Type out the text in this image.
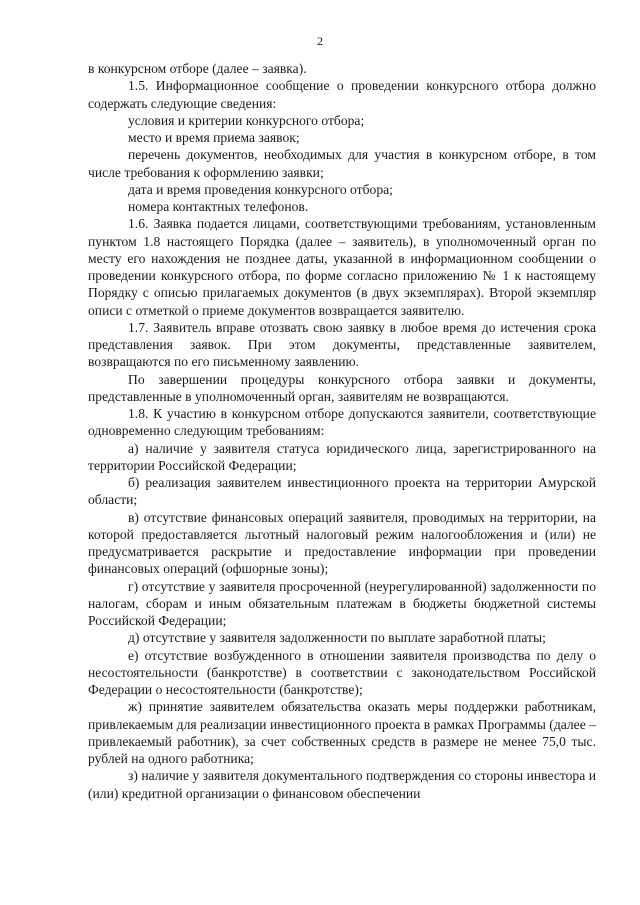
2

в конкурсном отборе (далее – заявка).

1.5. Информационное сообщение о проведении конкурсного отбора должно содержать следующие сведения:

условия и критерии конкурсного отбора;

место и время приема заявок;

перечень документов, необходимых для участия в конкурсном отборе, в том числе требования к оформлению заявки;

дата и время проведения конкурсного отбора;

номера контактных телефонов.

1.6. Заявка подается лицами, соответствующими требованиям, установленным пунктом 1.8 настоящего Порядка (далее – заявитель), в уполномоченный орган по месту его нахождения не позднее даты, указанной в информационном сообщении о проведении конкурсного отбора, по форме согласно приложению № 1 к настоящему Порядку с описью прилагаемых документов (в двух экземплярах). Второй экземпляр описи с отметкой о приеме документов возвращается заявителю.

1.7. Заявитель вправе отозвать свою заявку в любое время до истечения срока представления заявок. При этом документы, представленные заявителем, возвращаются по его письменному заявлению.

По завершении процедуры конкурсного отбора заявки и документы, представленные в уполномоченный орган, заявителям не возвращаются.

1.8. К участию в конкурсном отборе допускаются заявители, соответствующие одновременно следующим требованиям:

а) наличие у заявителя статуса юридического лица, зарегистрированного на территории Российской Федерации;

б) реализация заявителем инвестиционного проекта на территории Амурской области;

в) отсутствие финансовых операций заявителя, проводимых на территории, на которой предоставляется льготный налоговый режим налогообложения и (или) не предусматривается раскрытие и предоставление информации при проведении финансовых операций (офшорные зоны);

г) отсутствие у заявителя просроченной (неурегулированной) задолженности по налогам, сборам и иным обязательным платежам в бюджеты бюджетной системы Российской Федерации;

д) отсутствие у заявителя задолженности по выплате заработной платы;

е) отсутствие возбужденного в отношении заявителя производства по делу о несостоятельности (банкротстве) в соответствии с законодательством Российской Федерации о несостоятельности (банкротстве);

ж) принятие заявителем обязательства оказать меры поддержки работникам, привлекаемым для реализации инвестиционного проекта в рамках Программы (далее – привлекаемый работник), за счет собственных средств в размере не менее 75,0 тыс. рублей на одного работника;

з) наличие у заявителя документального подтверждения со стороны инвестора и (или) кредитной организации о финансовом обеспечении
